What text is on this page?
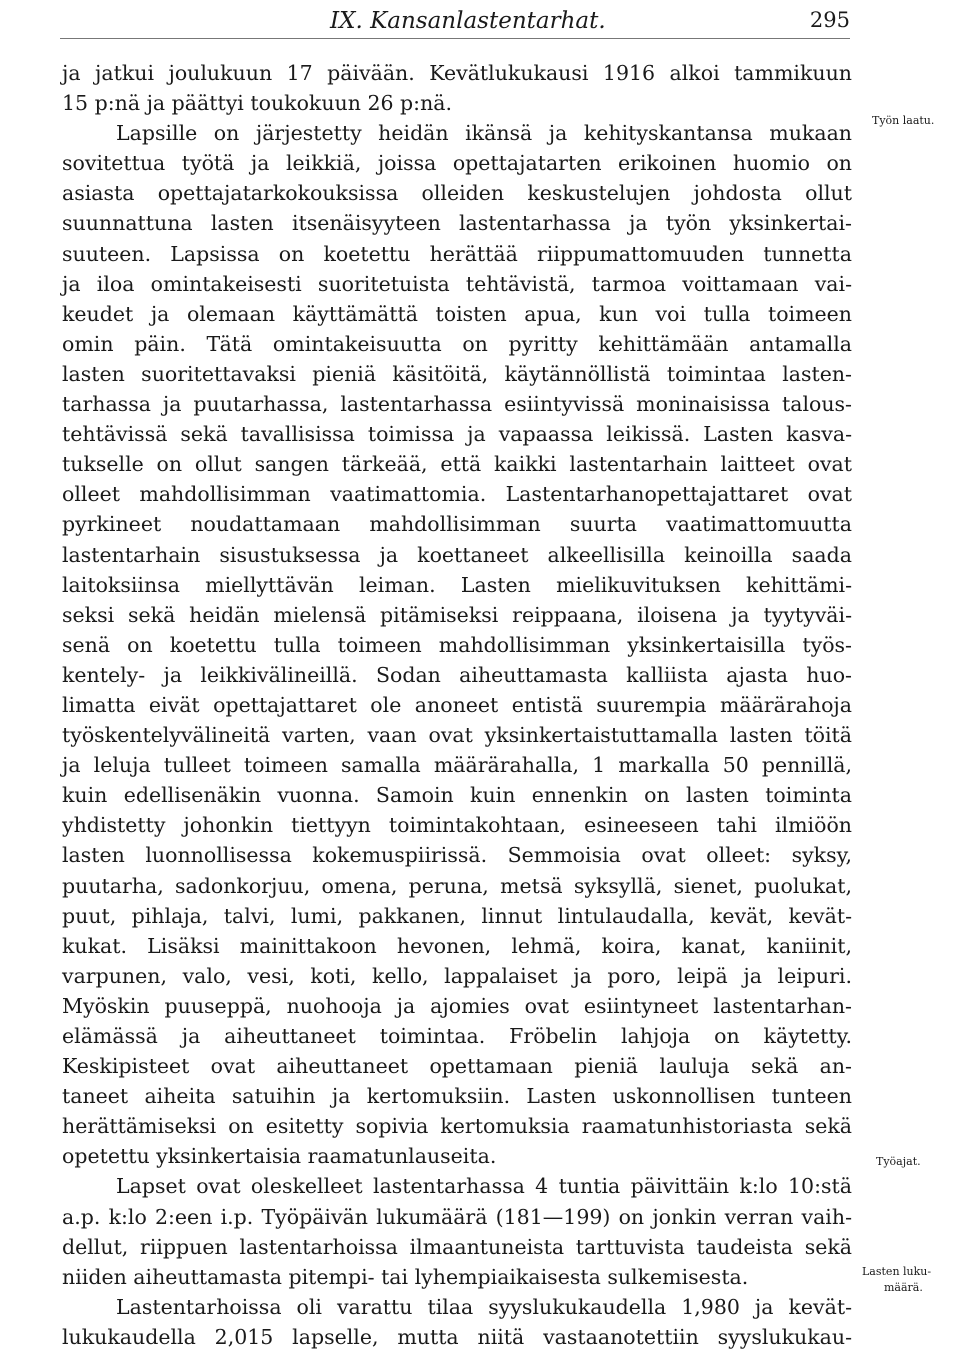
IX. Kansanlastentarhat.	295
ja jatkui joulukuun 17 päivään. Kevätlukukausi 1916 alkoi tammikuun
15 p:nä ja päättyi toukokuun 26 p:nä.
Lapsille on järjestetty heidän ikänsä ja kehityskantansa mukaan
sovitettua työtä ja leikkiä, joissa opettajatarten erikoinen huomio on
asiasta opettajatarkokouksissa olleiden keskustelujen johdosta ollut
suunnattuna lasten itsenäisyyteen lastentarhassa ja työn yksinkertai-
suuteen. Lapsissa on koetettu herättää riippumattomuuden tunnetta
ja iloa omintakeisesti suoritetuista tehtävistä, tarmoa voittamaan vai-
keudet ja olemaan käyttämättä toisten apua, kun voi tulla toimeen
omin päin. Tätä omintakeisuutta on pyritty kehittämään antamalla
lasten suoritettavaksi pieniä käsitöitä, käytännöllistä toimintaa lasten-
tarhassa ja puutarhassa, lastentarhassa esiintyvissä moninaisissa talous-
tehtävissä sekä tavallisissa toimissa ja vapaassa leikissä. Lasten kasva-
tukselle on ollut sangen tärkeää, että kaikki lastentarhain laitteet ovat
olleet mahdollisimman vaatimattomia. Lastentarhanopettajattaret ovat
pyrkineet noudattamaan mahdollisimman suurta vaatimattomuutta
lastentarhain sisustuksessa ja koettaneet alkeellisilla keinoilla saada
laitoksiinsa miellyttävän leiman. Lasten mielikuvituksen kehittämi-
seksi sekä heidän mielensä pitämiseksi reippaana, iloisena ja tyytyväi-
senä on koetettu tulla toimeen mahdollisimman yksinkertaisilla työs-
kentely- ja leikkivälineillä. Sodan aiheuttamasta kalliista ajasta huo-
limatta eivät opettajattaret ole anoneet entistä suurempia määrärahoja
työskentelyvälineitä varten, vaan ovat yksinkertaistuttamalla lasten töitä
ja leluja tulleet toimeen samalla määrärahalla, 1 markalla 50 pennillä,
kuin edellisenäkin vuonna. Samoin kuin ennenkin on lasten toiminta
yhdistetty johonkin tiettyyn toimintakohtaan, esineeseen tahi ilmiöön
lasten luonnollisessa kokemuspiirissä. Semmoisia ovat olleet: syksy,
puutarha, sadonkorjuu, omena, peruna, metsä syksyllä, sienet, puolukat,
puut, pihlaja, talvi, lumi, pakkanen, linnut lintulaudalla, kevät, kevät-
kukat. Lisäksi mainittakoon hevonen, lehmä, koira, kanat, kaniinit,
varpunen, valo, vesi, koti, kello, lappalaiset ja poro, leipä ja leipuri.
Myöskin puuseppä, nuohooja ja ajomies ovat esiintyneet lastentarhan-
elämässä ja aiheuttaneet toimintaa. Fröbelin lahjoja on käytetty.
Keskipisteet ovat aiheuttaneet opettamaan pieniä lauluja sekä an-
taneet aiheita satuihin ja kertomuksiin. Lasten uskonnollisen tunteen
herättämiseksi on esitetty sopivia kertomuksia raamatunhistoriasta sekä
opetettu yksinkertaisia raamatunlauseita.
Lapset ovat oleskelleet lastentarhassa 4 tuntia päivittäin k:lo 10:stä
a.p. k:lo 2:een i.p. Työpäivän lukumäärä (181—199) on jonkin verran vaih-
dellut, riippuen lastentarhoissa ilmaantuneista tarttuvista taudeista sekä
niiden aiheuttamasta pitempi- tai lyhempiaikaisesta sulkemisesta.
Lastentarhoissa oli varattu tilaa syyslukukaudella 1,980 ja kevät-
lukukaudella 2,015 lapselle, mutta niitä vastaanotettiin syyslukukau-
Työn laatu.
Työajat.
Lasten luku-
määrä.
